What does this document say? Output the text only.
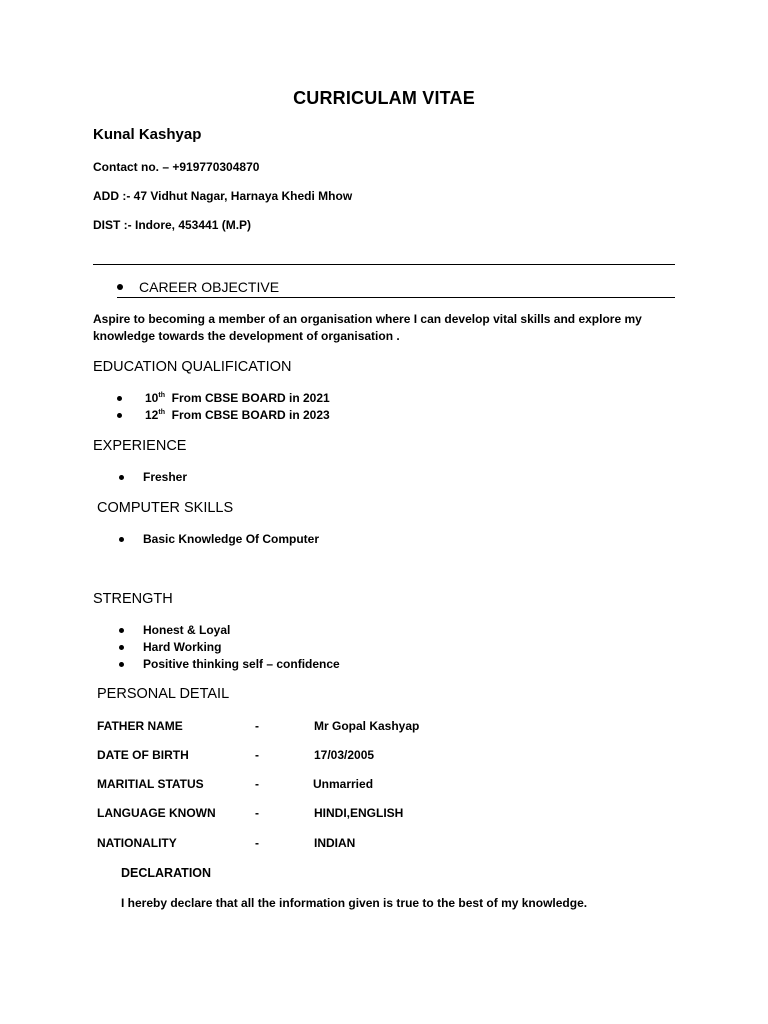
CURRICULAM VITAE
Kunal Kashyap
Contact no. – +919770304870
ADD :- 47 Vidhut Nagar, Harnaya Khedi Mhow
DIST :- Indore, 453441 (M.P)
CAREER OBJECTIVE
Aspire to becoming a member of an organisation where I can develop vital skills and explore my knowledge towards the development of organisation .
EDUCATION QUALIFICATION
10th From CBSE BOARD in 2021
12th From CBSE BOARD in 2023
EXPERIENCE
Fresher
COMPUTER SKILLS
Basic Knowledge Of Computer
STRENGTH
Honest & Loyal
Hard Working
Positive thinking self – confidence
PERSONAL DETAIL
FATHER NAME	-	Mr Gopal Kashyap
DATE OF BIRTH	-	17/03/2005
MARITIAL STATUS	-	Unmarried
LANGUAGE KNOWN	-	HINDI,ENGLISH
NATIONALITY	-	INDIAN
DECLARATION
I hereby declare that all the information given is true to the best of my knowledge.
